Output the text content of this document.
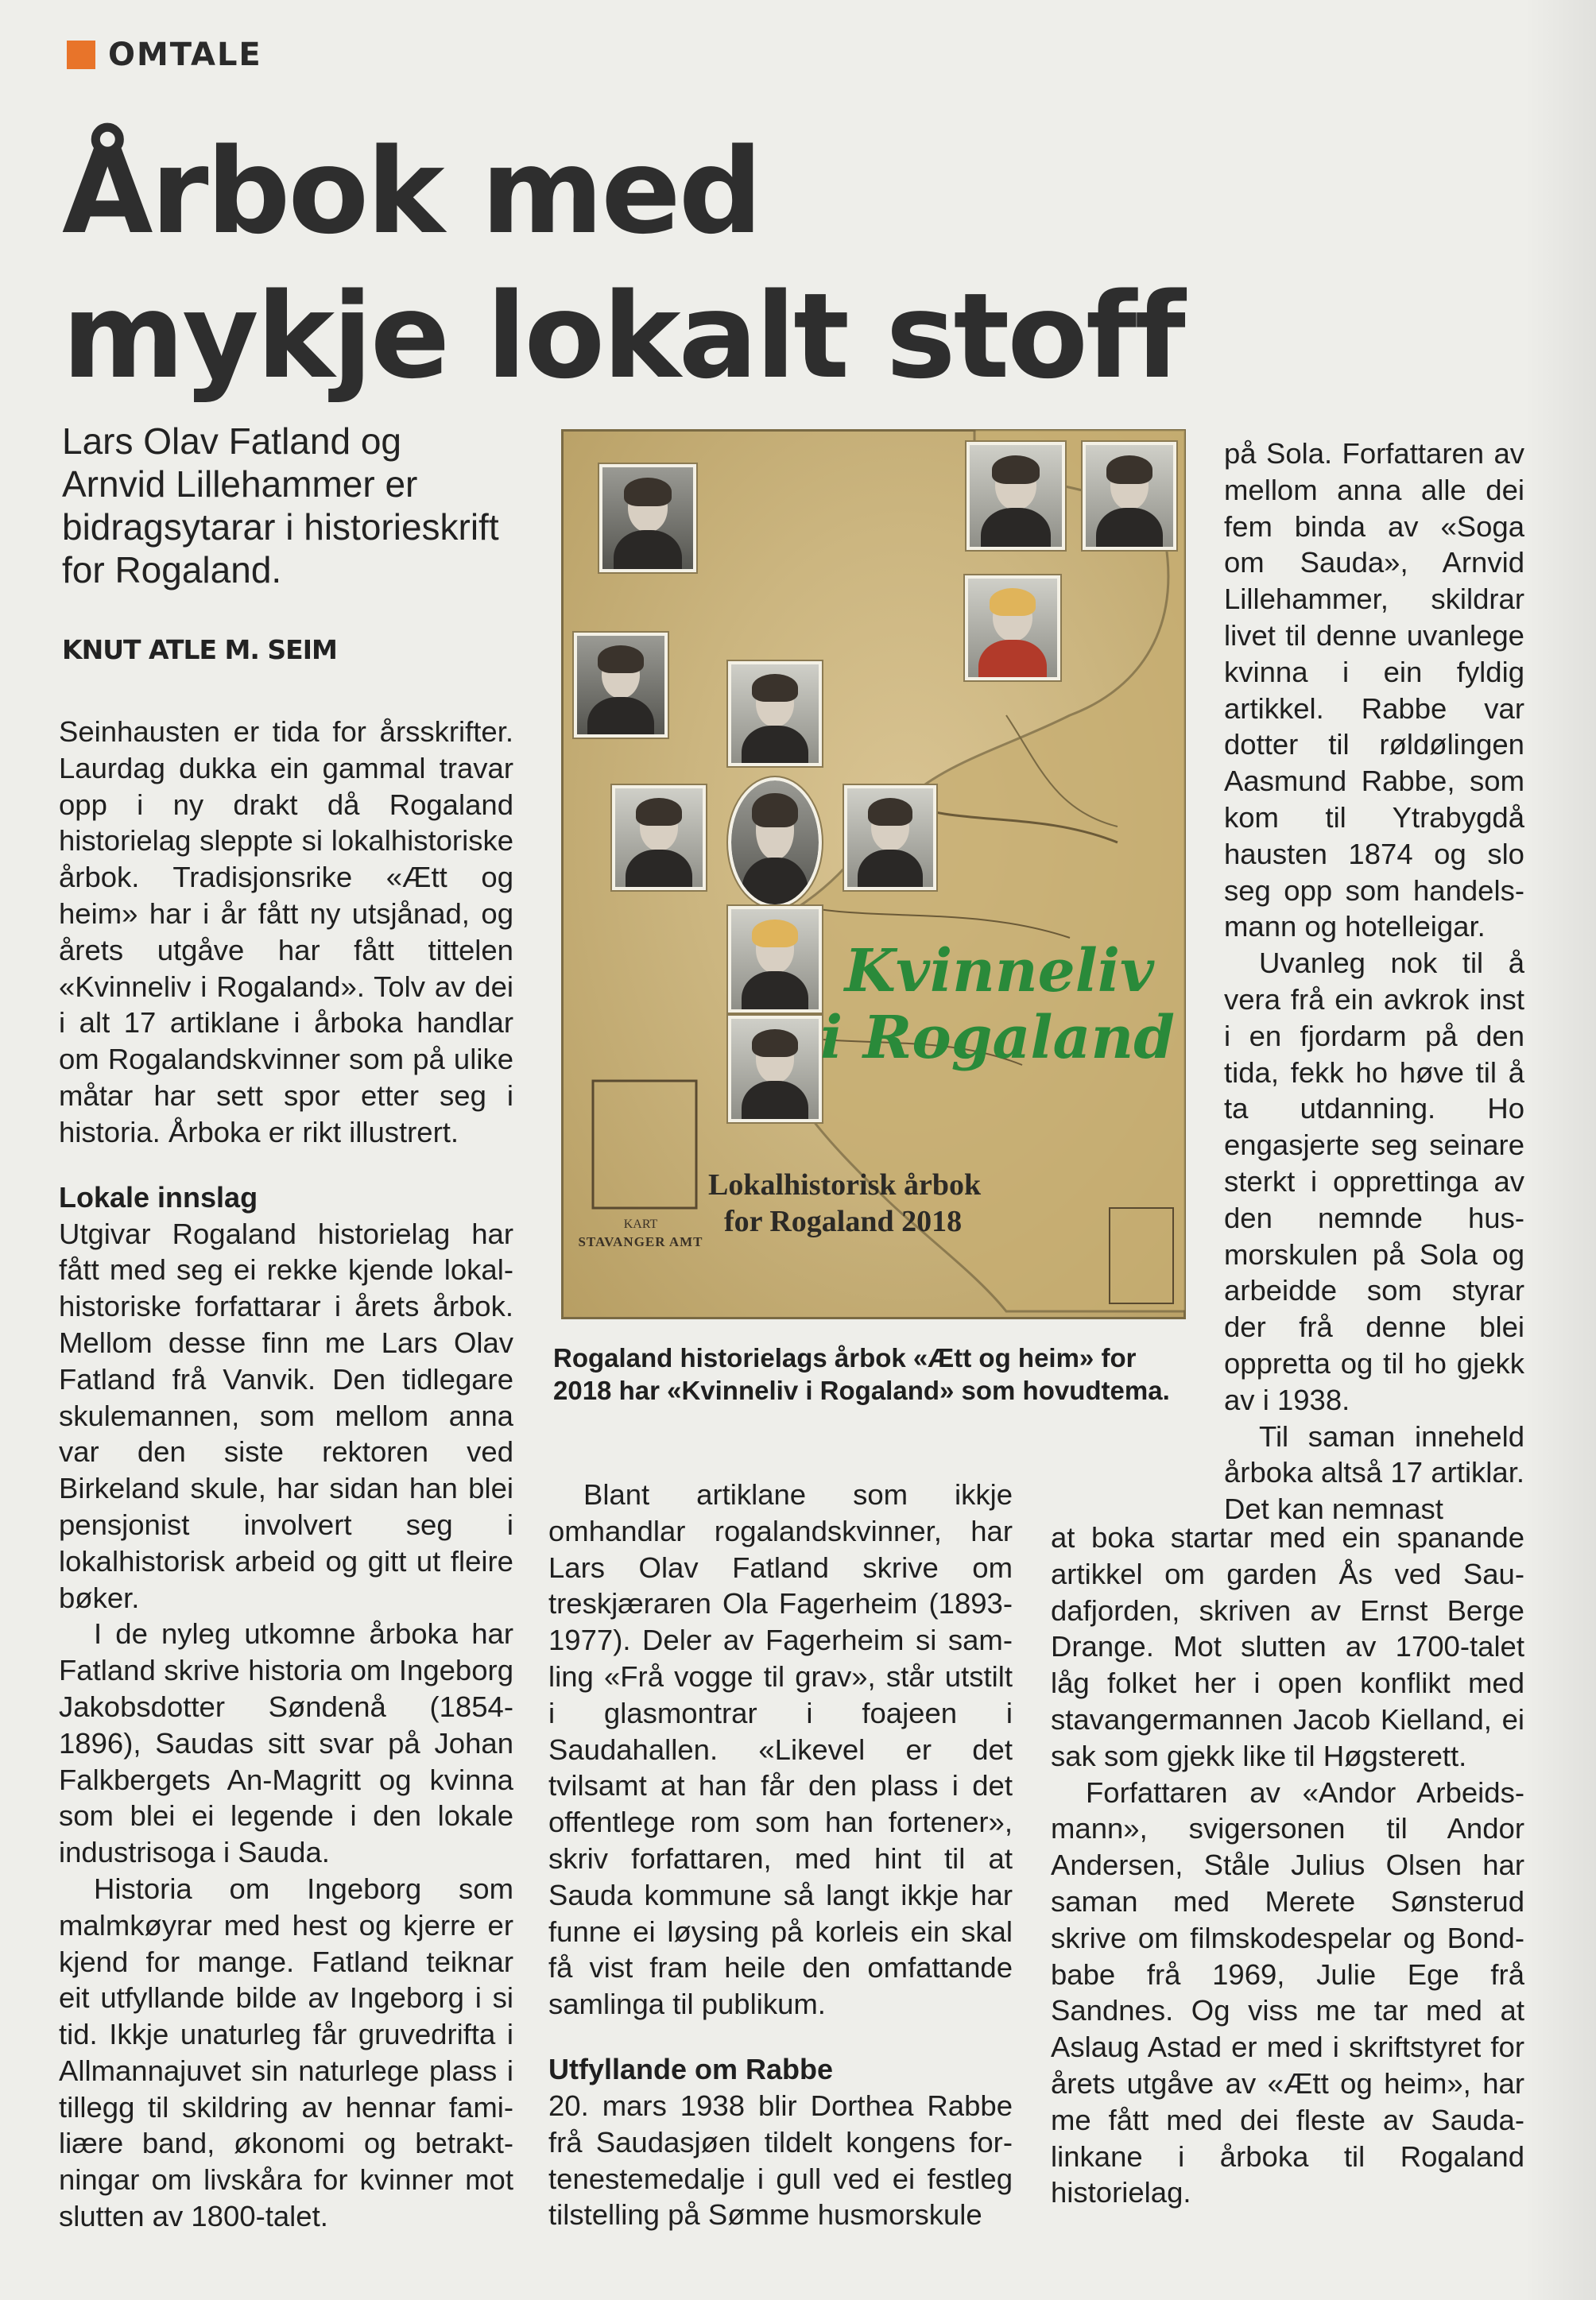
OMTALE
Årbok med
mykje lokalt stoff

Lars Olav Fatland og Arnvid Lillehammer er bidragsytarar i historieskrift for Rogaland.

KNUT ATLE M. SEIM

Seinhausten er tida for årsskrifter. Laurdag dukka ein gammal travar opp i ny drakt då Rogaland historielag sleppte si lokalhistoriske årbok. Tradisjonsrike «Ætt og heim» har i år fått ny utsjånad, og årets utgåve har fått tittelen «Kvinneliv i Rogaland». Tolv av dei i alt 17 artiklane i årboka handlar om Rogalandskvinner som på ulike måtar har sett spor etter seg i historia. Årboka er rikt illustrert.

Lokale innslag

Utgivar Rogaland historielag har fått med seg ei rekke kjende lokalhistoriske forfattarar i årets årbok. Mellom desse finn me Lars Olav Fatland frå Vanvik. Den tidlegare skulemannen, som mellom anna var den siste rektoren ved Birkeland skule, har sidan han blei pensjonist involvert seg i lokalhistorisk arbeid og gitt ut fleire bøker.

I de nyleg utkomne årboka har Fatland skrive historia om Ingeborg Jakobsdotter Søndenå (1854-1896), Saudas sitt svar på Johan Falkbergets An-Magritt og kvinna som blei ei legende i den lokale industrisoga i Sauda.

Historia om Ingeborg som malmkøyrar med hest og kjerre er kjend for mange. Fatland teiknar eit utfyllande bilde av Ingeborg i si tid. Ikkje unaturleg får gruvedrifta i Allmannajuvet sin naturlege plass i tillegg til skildring av hennar familiære band, økonomi og betraktningar om livskåra for kvinner mot slutten av 1800-talet.

Kvinneliv

i Rogaland

Lokalhistorisk årbok
for Rogaland 2018

KART
STAVANGER AMT

Rogaland historielags årbok «Ætt og heim» for 2018 har «Kvinneliv i Rogaland» som hovudtema.

Blant artiklane som ikkje omhandlar rogalandskvinner, har Lars Olav Fatland skrive om treskjæraren Ola Fagerheim (1893-1977). Deler av Fagerheim si samling «Frå vogge til grav», står utstilt i glasmontrar i foajeen i Saudahallen. «Likevel er det tvilsamt at han får den plass i det offentlege rom som han fortener», skriv forfattaren, med hint til at Sauda kommune så langt ikkje har funne ei løysing på korleis ein skal få vist fram heile den omfattande samlinga til publikum.

Utfyllande om Rabbe

20. mars 1938 blir Dorthea Rabbe frå Saudasjøen tildelt kongens fortenestemedalje i gull ved ei festleg tilstelling på Sømme husmorskule

på Sola. Forfattaren av mellom anna alle dei fem binda av «Soga om Sauda», Arnvid Lillehammer, skildrar livet til denne uvanlege kvinna i ein fyldig artikkel. Rabbe var dotter til røldølingen Aasmund Rabbe, som kom til Ytrabygdå hausten 1874 og slo seg opp som handelsmann og hotelleigar.

Uvanleg nok til å vera frå ein avkrok inst i en fjordarm på den tida, fekk ho høve til å ta utdanning. Ho engasjerte seg seinare sterkt i opprettinga av den nemnde husmorskulen på Sola og arbeidde som styrar der frå denne blei oppretta og til ho gjekk av i 1938.

Til saman inneheld årboka altså 17 artiklar. Det kan nemnast

at boka startar med ein spanande artikkel om garden Ås ved Saudafjorden, skriven av Ernst Berge Drange. Mot slutten av 1700-talet låg folket her i open konflikt med stavangermannen Jacob Kielland, ei sak som gjekk like til Høgsterett.

Forfattaren av «Andor Arbeidsmann», svigersonen til Andor Andersen, Ståle Julius Olsen har saman med Merete Sønsterud skrive om filmskodespelar og Bond-babe frå 1969, Julie Ege frå Sandnes. Og viss me tar med at Aslaug Astad er med i skriftstyret for årets utgåve av «Ætt og heim», har me fått med dei fleste av Sauda-linkane i årboka til Rogaland historielag.
